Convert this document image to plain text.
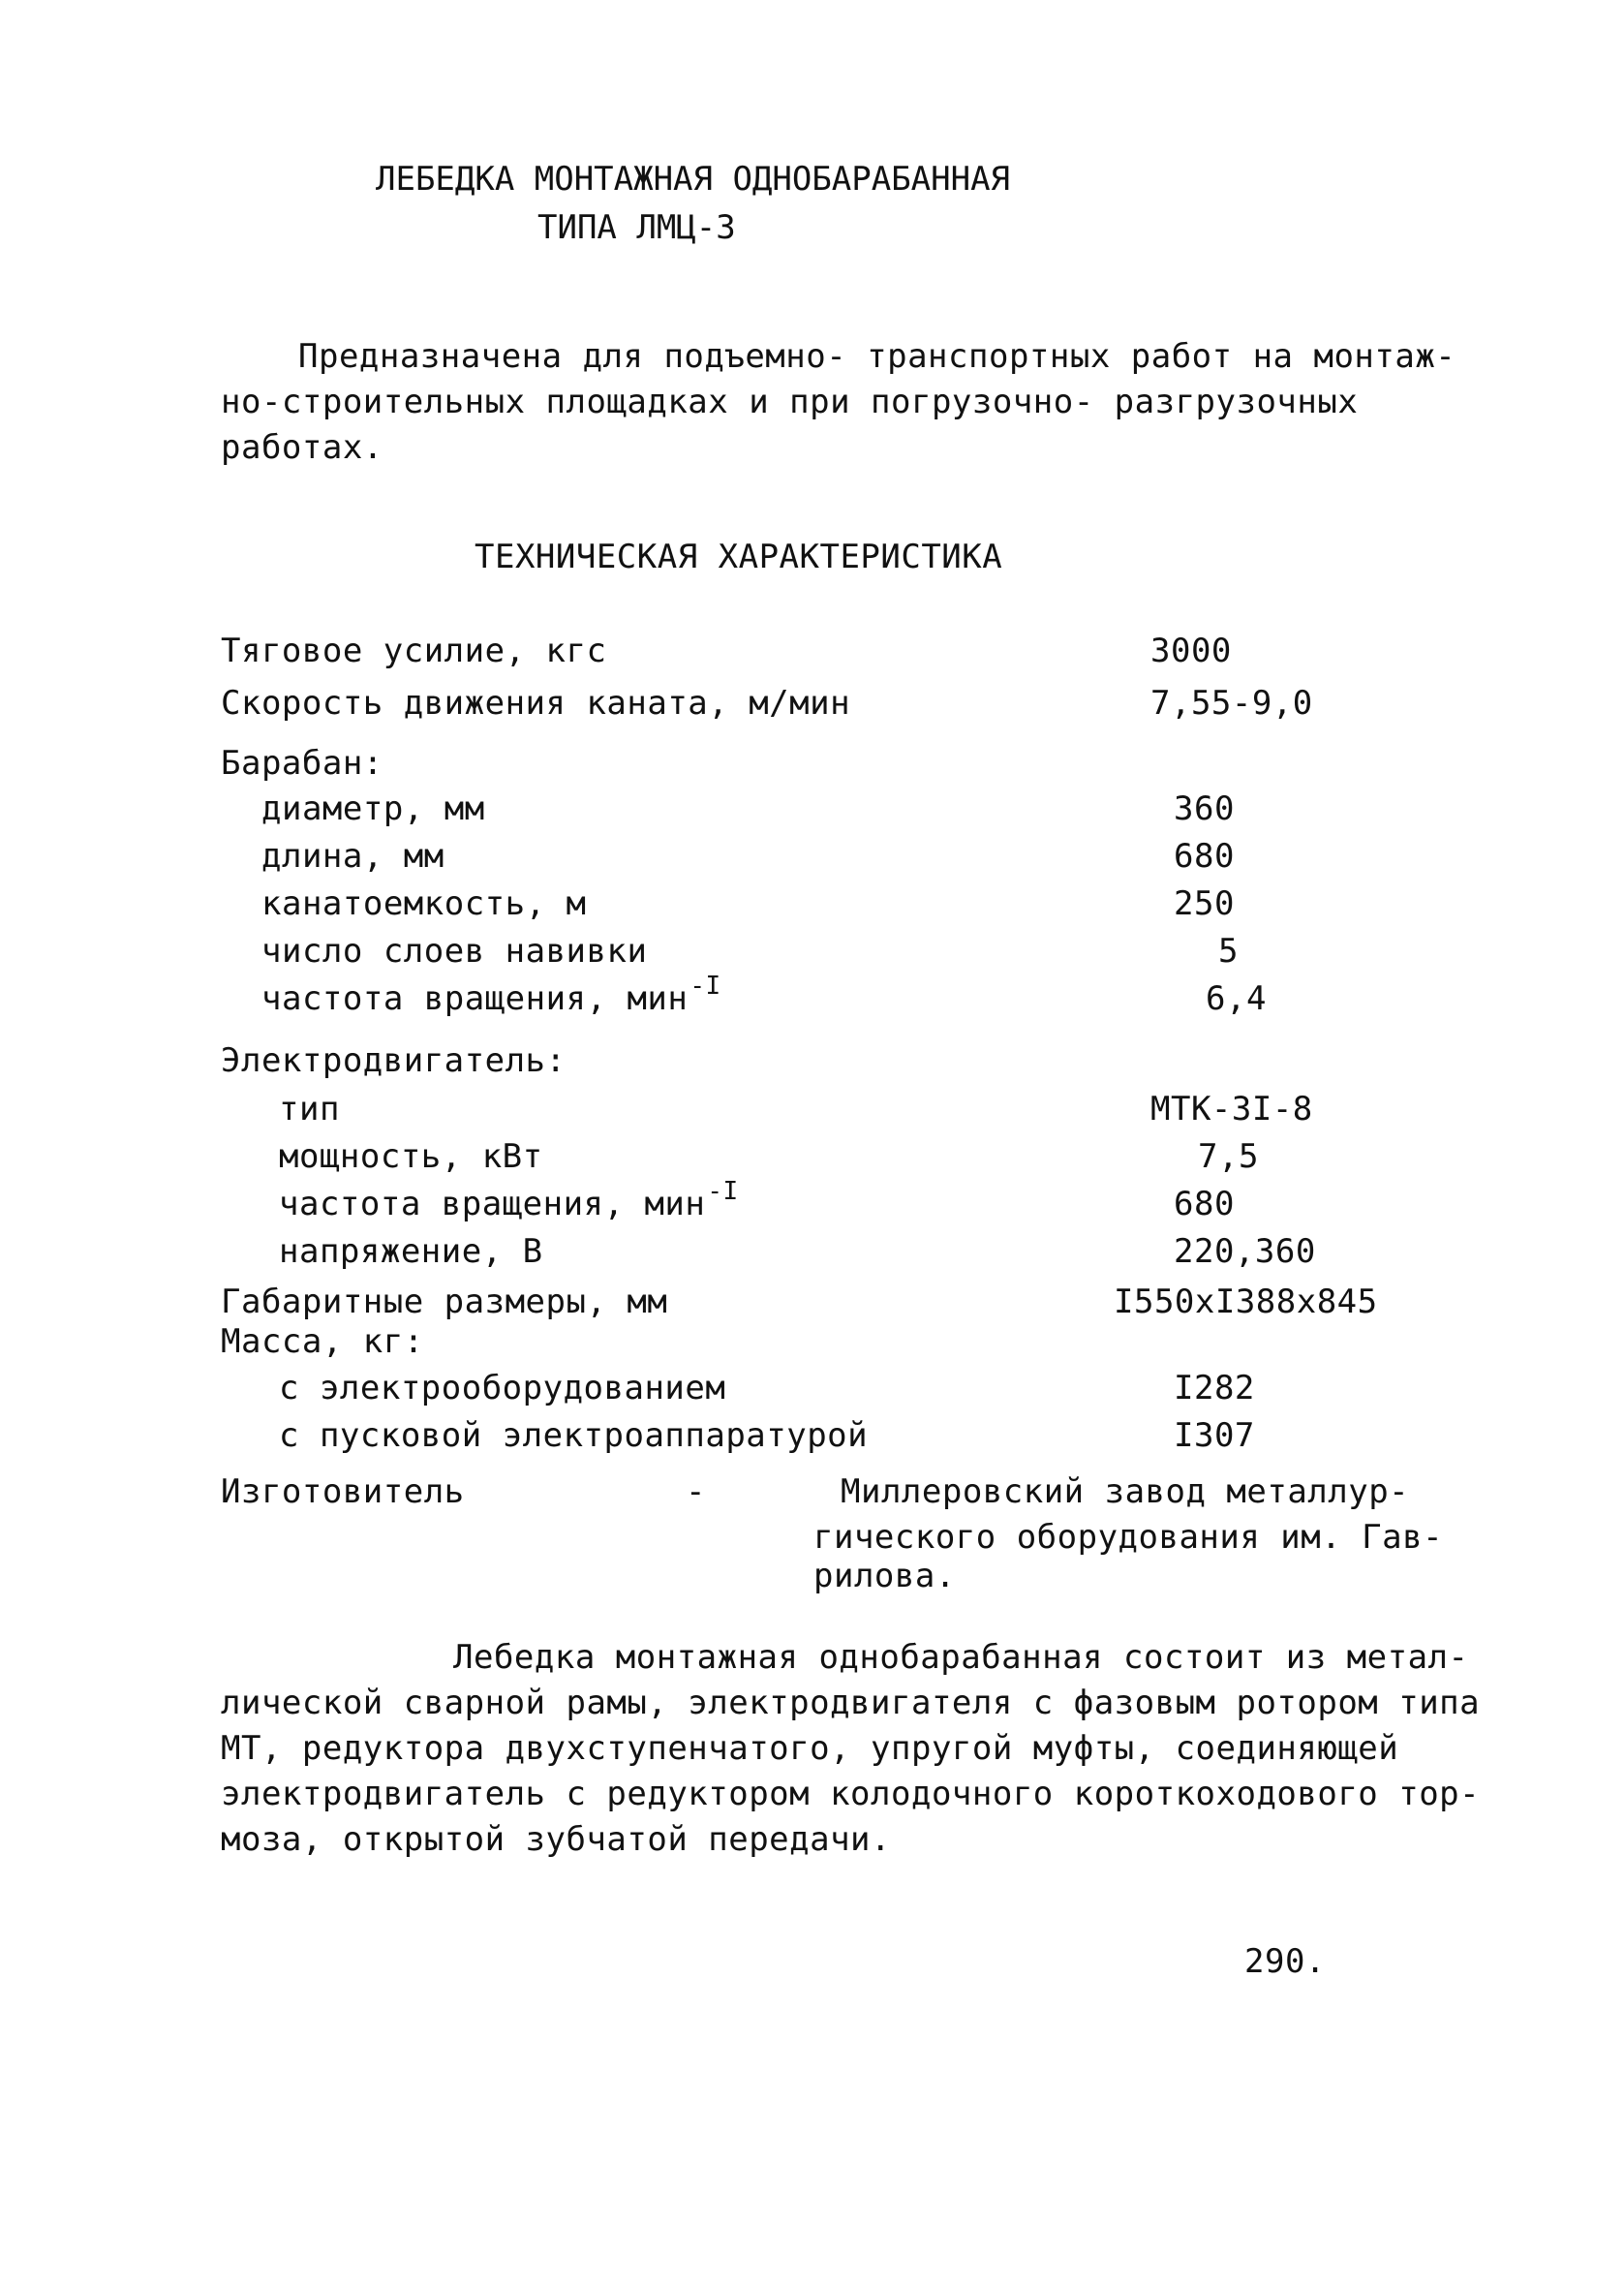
ЛЕБЕДКА МОНТАЖНАЯ ОДНОБАРАБАННАЯ
ТИПА ЛМЦ-3
Предназначена для подъемно- транспортных работ на монтаж-
но-строительных площадках и при погрузочно- разгрузочных
работах.
ТЕХНИЧЕСКАЯ ХАРАКТЕРИСТИКА
Тяговое усилие, кгс	3000
Скорость движения каната, м/мин	7,55-9,0
Барабан:
диаметр, мм	360
длина, мм	680
канатоемкость, м	250
число слоев навивки	5
частота вращения, мин$^{-I}$	6,4
Электродвигатель:
тип	МТК-3I-8
мощность, кВт	7,5
частота вращения, мин$^{-I}$	680
напряжение, В	220,360
Габаритные размеры, мм	I550xI388x845
Масса, кг:
с электрооборудованием	I282
с пусковой электроаппаратурой	I307
Изготовитель	-	Миллеровский завод металлур-
гического оборудования им. Гав-
рилова.
Лебедка монтажная однобарабанная состоит из метал-
лической сварной рамы, электродвигателя с фазовым ротором типа
МТ, редуктора двухступенчатого, упругой муфты, соединяющей
электродвигатель с редуктором колодочного короткоходового тор-
моза, открытой зубчатой передачи.
290.
